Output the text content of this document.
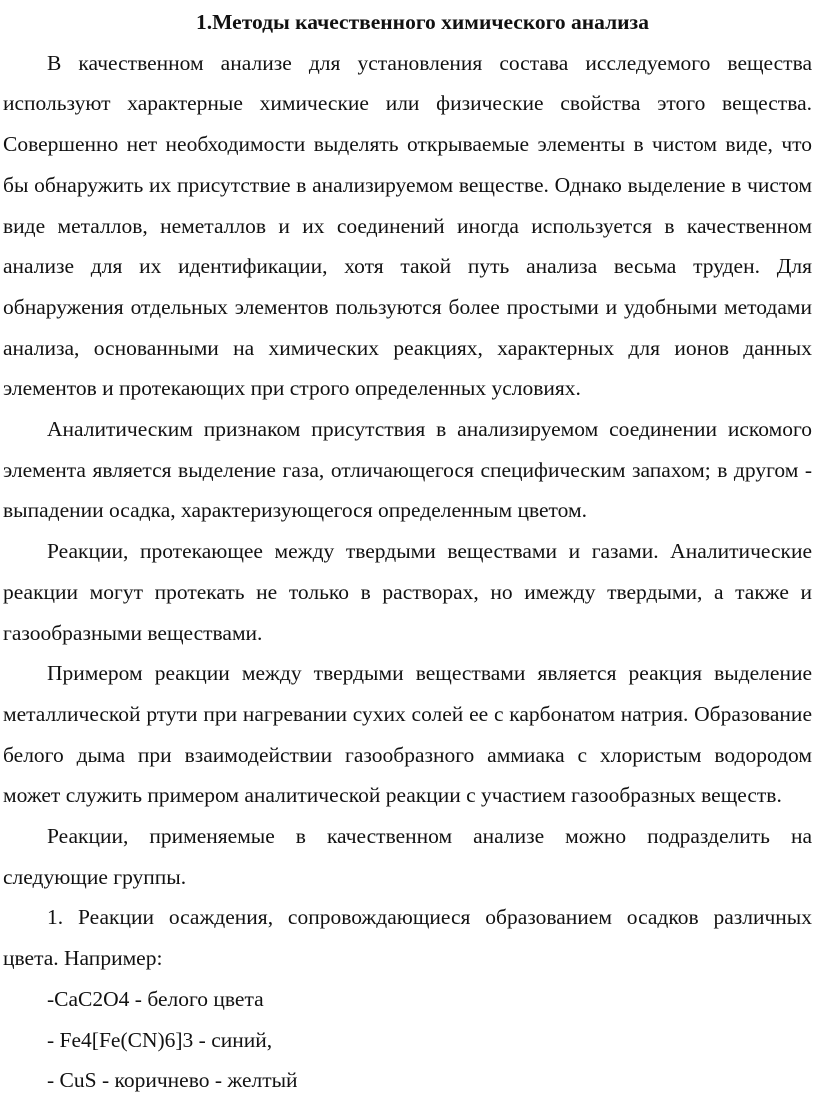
1.Методы качественного химического анализа

В качественном анализе для установления состава исследуемого вещества используют характерные химические или физические свойства этого вещества. Совершенно нет необходимости выделять открываемые элементы в чистом виде, что бы обнаружить их присутствие в анализируемом веществе. Однако выделение в чистом виде металлов, неметаллов и их соединений иногда используется в качественном анализе для их идентификации, хотя такой путь анализа весьма труден. Для обнаружения отдельных элементов пользуются более простыми и удобными методами анализа, основанными на химических реакциях, характерных для ионов данных элементов и протекающих при строго определенных условиях.

Аналитическим признаком присутствия в анализируемом соединении искомого элемента является выделение газа, отличающегося специфическим запахом; в другом - выпадении осадка, характеризующегося определенным цветом.

Реакции, протекающее между твердыми веществами и газами. Аналитические реакции могут протекать не только в растворах, но имежду твердыми, а также и газообразными веществами.

Примером реакции между твердыми веществами является реакция выделение металлической ртути при нагревании сухих солей ее с карбонатом натрия. Образование белого дыма при взаимодействии газообразного аммиака с хлористым водородом может служить примером аналитической реакции с участием газообразных веществ.

Реакции, применяемые в качественном анализе можно подразделить на следующие группы.

1. Реакции осаждения, сопровождающиеся образованием осадков различных цвета. Например:

-CaC2O4 - белого цвета

- Fe4[Fe(CN)6]3 - синий,

- CuS - коричнево - желтый
